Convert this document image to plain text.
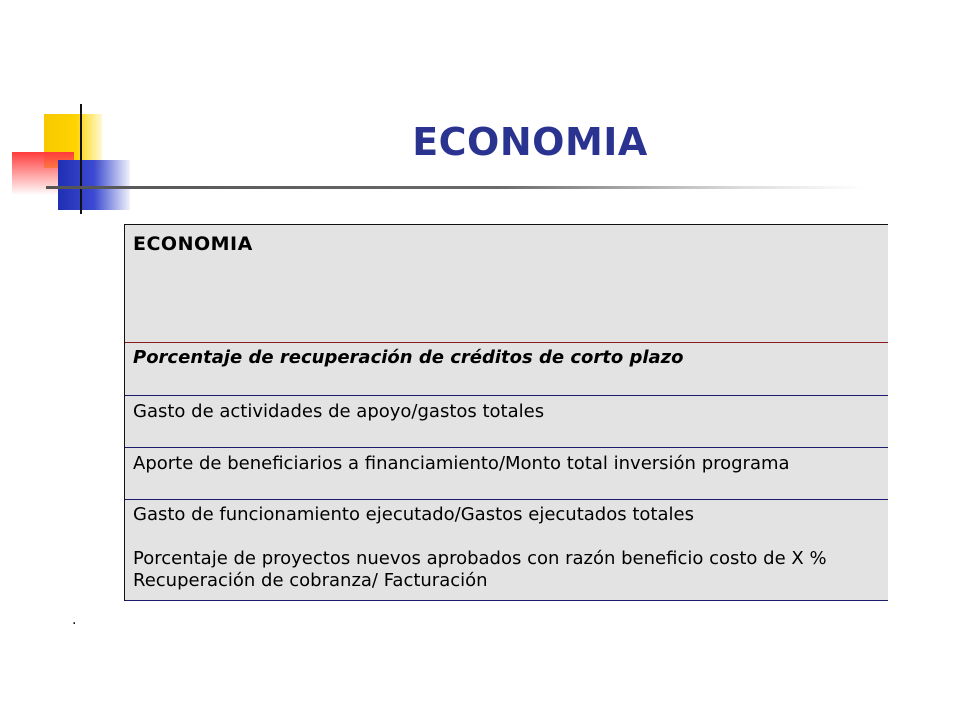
ECONOMIA
ECONOMIA
Porcentaje de recuperación de créditos de corto plazo
Gasto de actividades de apoyo/gastos totales
Aporte de beneficiarios a financiamiento/Monto total inversión programa
Gasto de funcionamiento ejecutado/Gastos ejecutados totales
Porcentaje de proyectos nuevos aprobados con razón beneficio costo de X %
Recuperación de cobranza/ Facturación
.
